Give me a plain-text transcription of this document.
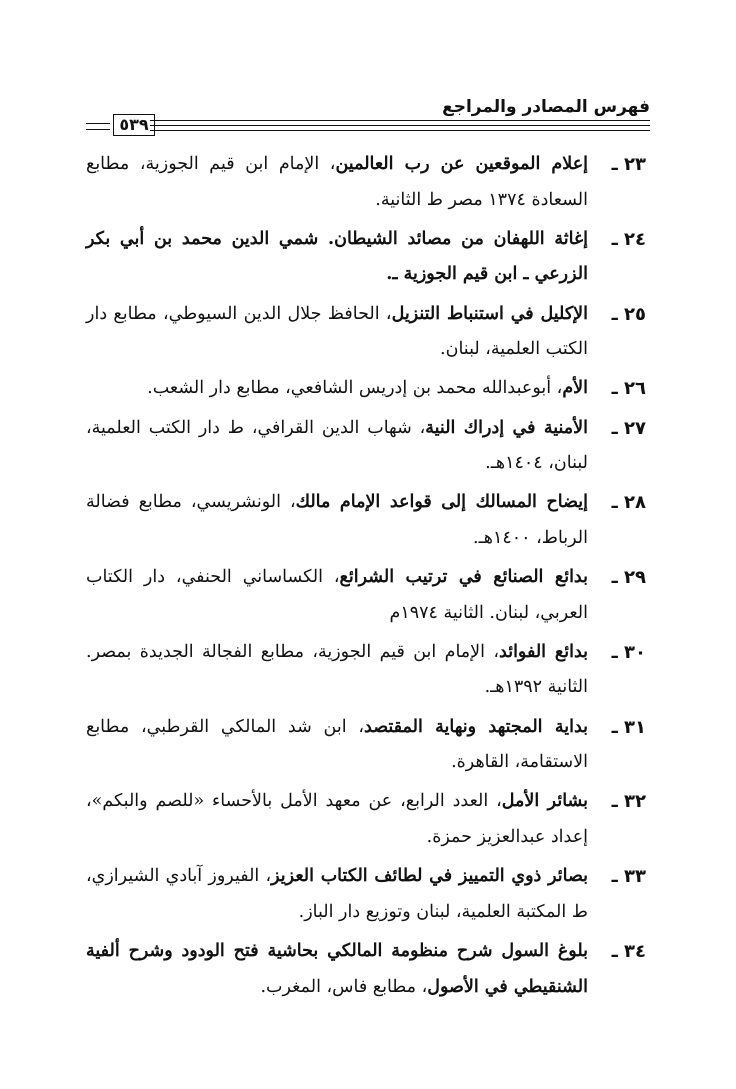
فهرس المصادر والمراجع
٥٣٩
٢٣ ـ
إعلام الموقعين عن رب العالمين، الإمام ابن قيم الجوزية، مطابع السعادة ١٣٧٤ مصر ط الثانية.
٢٤ ـ
إغاثة اللهفان من مصائد الشيطان. شمي الدين محمد بن أبي بكر الزرعي ـ ابن قيم الجوزية ـ.
٢٥ ـ
الإكليل في استنباط التنزيل، الحافظ جلال الدين السيوطي، مطابع دار الكتب العلمية، لبنان.
٢٦ ـ
الأم، أبوعبدالله محمد بن إدريس الشافعي، مطابع دار الشعب.
٢٧ ـ
الأمنية في إدراك النية، شهاب الدين القرافي، ط دار الكتب العلمية، لبنان، ١٤٠٤هـ.
٢٨ ـ
إيضاح المسالك إلى قواعد الإمام مالك، الونشريسي، مطابع فضالة الرباط، ١٤٠٠هـ.
٢٩ ـ
بدائع الصنائع في ترتيب الشرائع، الكساساني الحنفي، دار الكتاب العربي، لبنان. الثانية ١٩٧٤م
٣٠ ـ
بدائع الفوائد، الإمام ابن قيم الجوزية، مطابع الفجالة الجديدة بمصر. الثانية ١٣٩٢هـ.
٣١ ـ
بداية المجتهد ونهاية المقتصد، ابن شد المالكي القرطبي، مطابع الاستقامة، القاهرة.
٣٢ ـ
بشائر الأمل، العدد الرابع، عن معهد الأمل بالأحساء «للصم والبكم»، إعداد عبدالعزيز حمزة.
٣٣ ـ
بصائر ذوي التمييز في لطائف الكتاب العزيز، الفيروز آبادي الشيرازي، ط المكتبة العلمية، لبنان وتوزيع دار الباز.
٣٤ ـ
بلوغ السول شرح منظومة المالكي بحاشية فتح الودود وشرح ألفية الشنقيطي في الأصول، مطابع فاس، المغرب.
